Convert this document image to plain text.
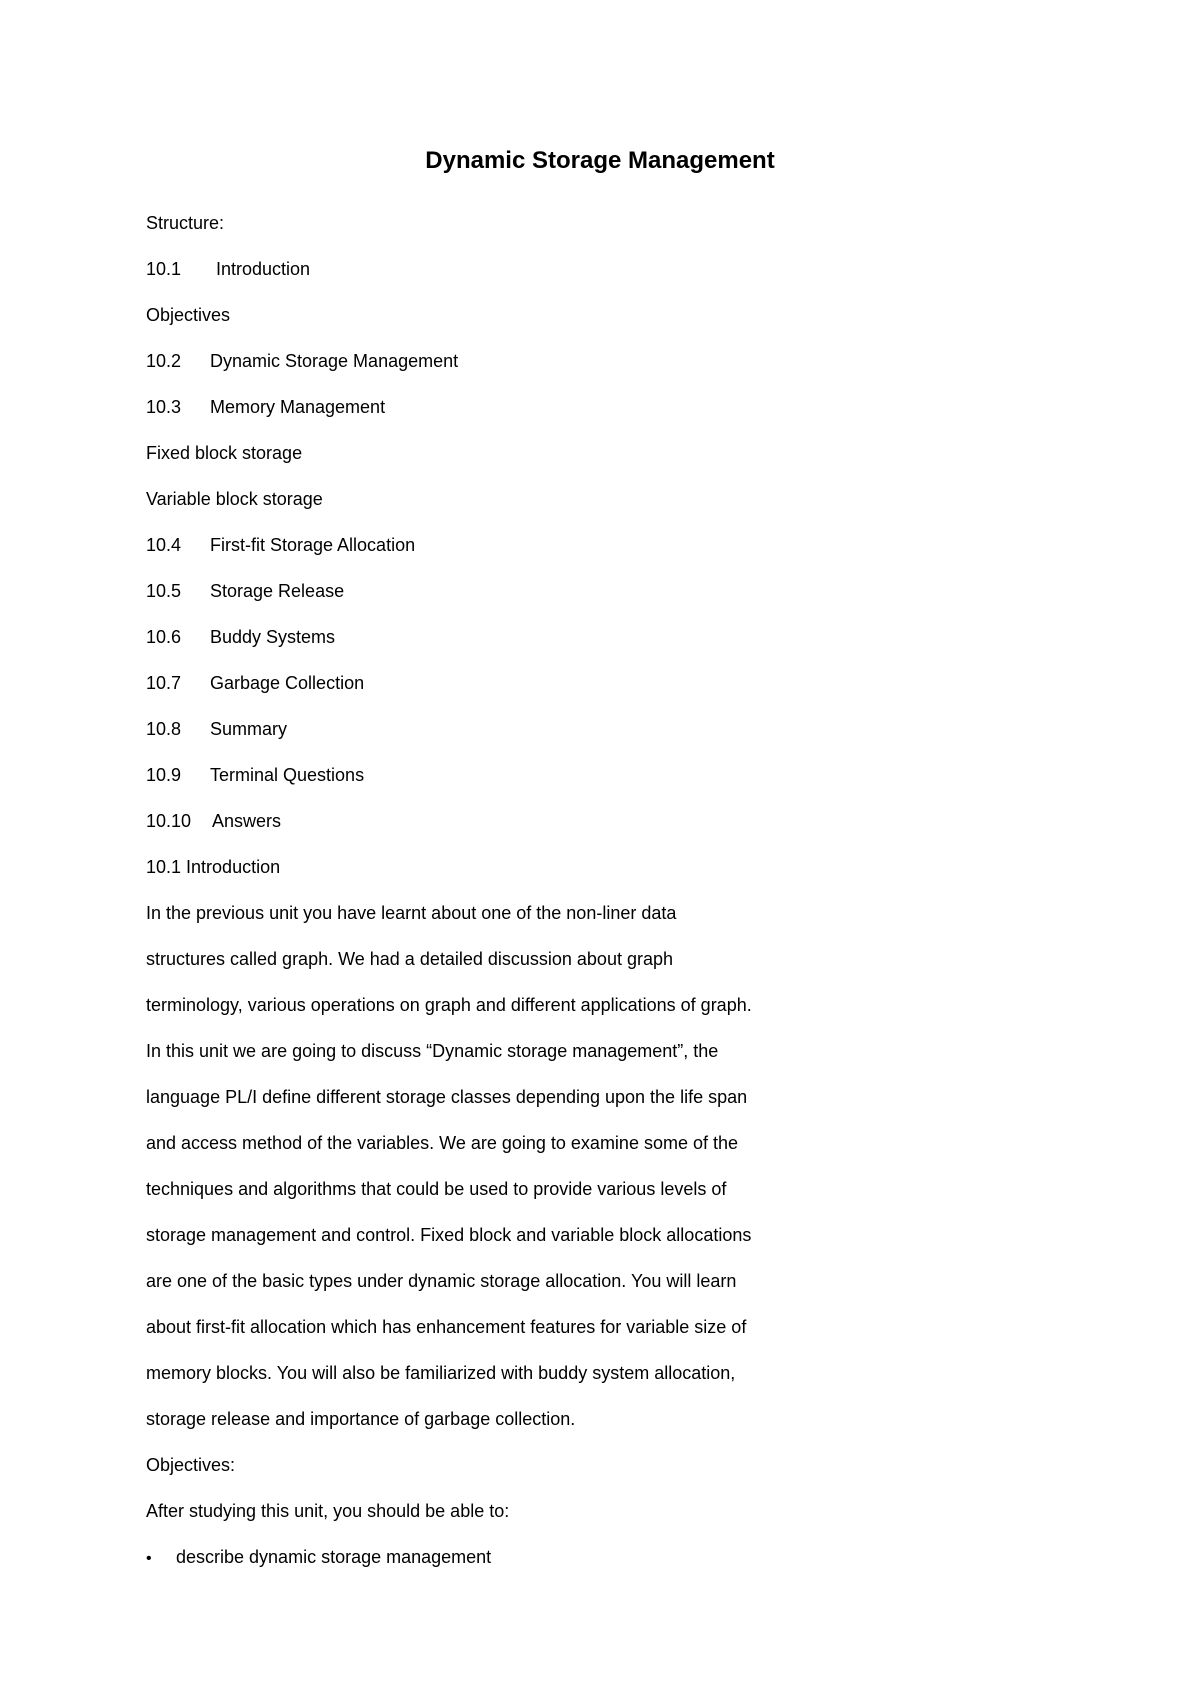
Dynamic Storage Management
Structure:
10.1 Introduction
Objectives
10.2 Dynamic Storage Management
10.3 Memory Management
Fixed block storage
Variable block storage
10.4 First-fit Storage Allocation
10.5 Storage Release
10.6 Buddy Systems
10.7 Garbage Collection
10.8 Summary
10.9 Terminal Questions
10.10 Answers
10.1 Introduction
In the previous unit you have learnt about one of the non-liner data
structures called graph. We had a detailed discussion about graph
terminology, various operations on graph and different applications of graph.
In this unit we are going to discuss “Dynamic storage management”, the
language PL/I define different storage classes depending upon the life span
and access method of the variables. We are going to examine some of the
techniques and algorithms that could be used to provide various levels of
storage management and control. Fixed block and variable block allocations
are one of the basic types under dynamic storage allocation. You will learn
about first-fit allocation which has enhancement features for variable size of
memory blocks. You will also be familiarized with buddy system allocation,
storage release and importance of garbage collection.
Objectives:
After studying this unit, you should be able to:
• describe dynamic storage management
